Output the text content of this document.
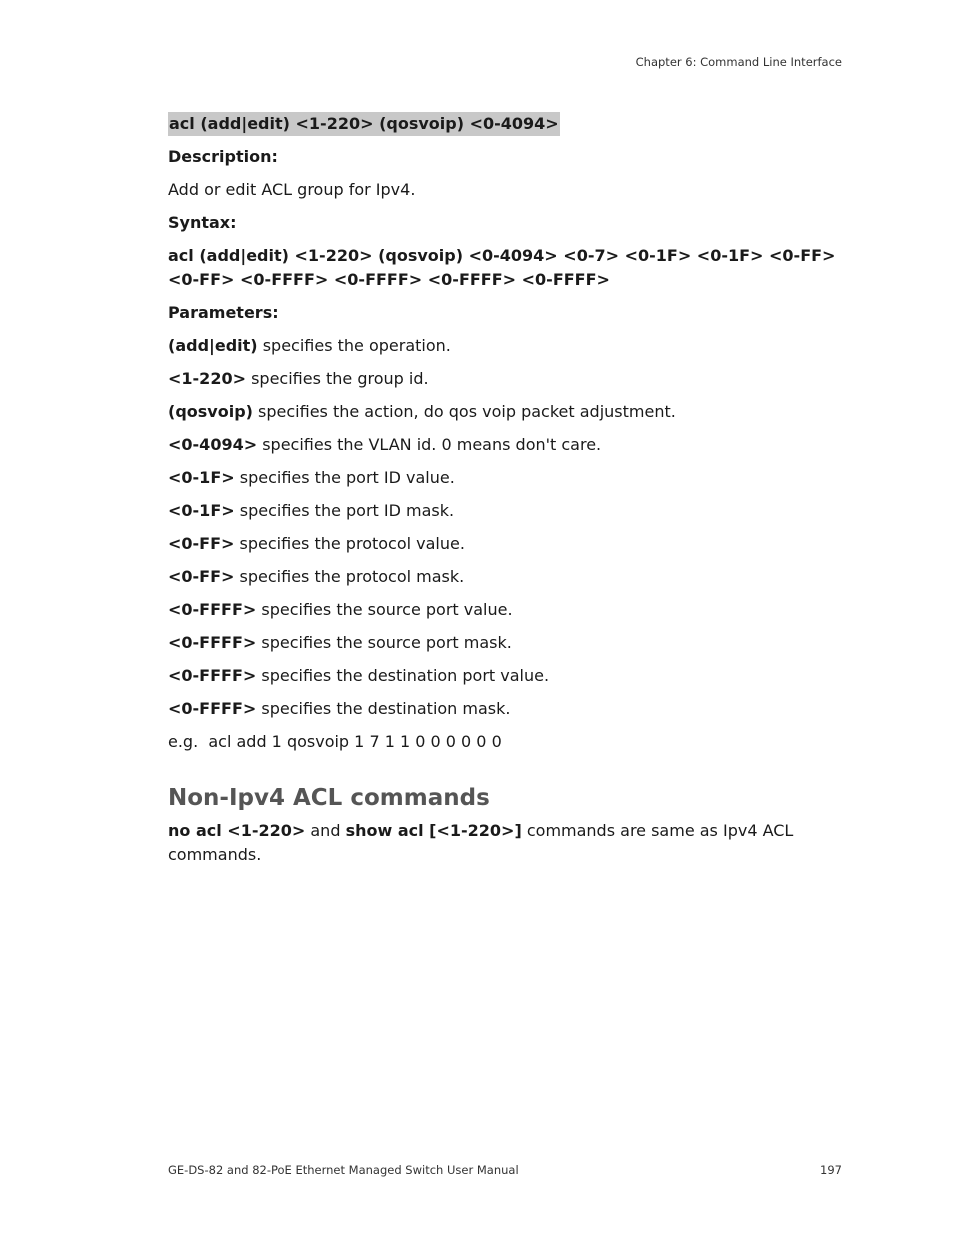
Chapter 6: Command Line Interface
acl (add|edit) <1-220> (qosvoip) <0-4094>
Description:
Add or edit ACL group for Ipv4.
Syntax:
acl (add|edit) <1-220> (qosvoip) <0-4094> <0-7> <0-1F> <0-1F> <0-FF> <0-FF> <0-FFFF> <0-FFFF> <0-FFFF> <0-FFFF>
Parameters:
(add|edit) specifies the operation.
<1-220> specifies the group id.
(qosvoip) specifies the action, do qos voip packet adjustment.
<0-4094> specifies the VLAN id. 0 means don't care.
<0-1F> specifies the port ID value.
<0-1F> specifies the port ID mask.
<0-FF> specifies the protocol value.
<0-FF> specifies the protocol mask.
<0-FFFF> specifies the source port value.
<0-FFFF> specifies the source port mask.
<0-FFFF> specifies the destination port value.
<0-FFFF> specifies the destination mask.
e.g.  acl add 1 qosvoip 1 7 1 1 0 0 0 0 0 0
Non-Ipv4 ACL commands
no acl <1-220> and show acl [<1-220>] commands are same as Ipv4 ACL commands.
GE-DS-82 and 82-PoE Ethernet Managed Switch User Manual	197
